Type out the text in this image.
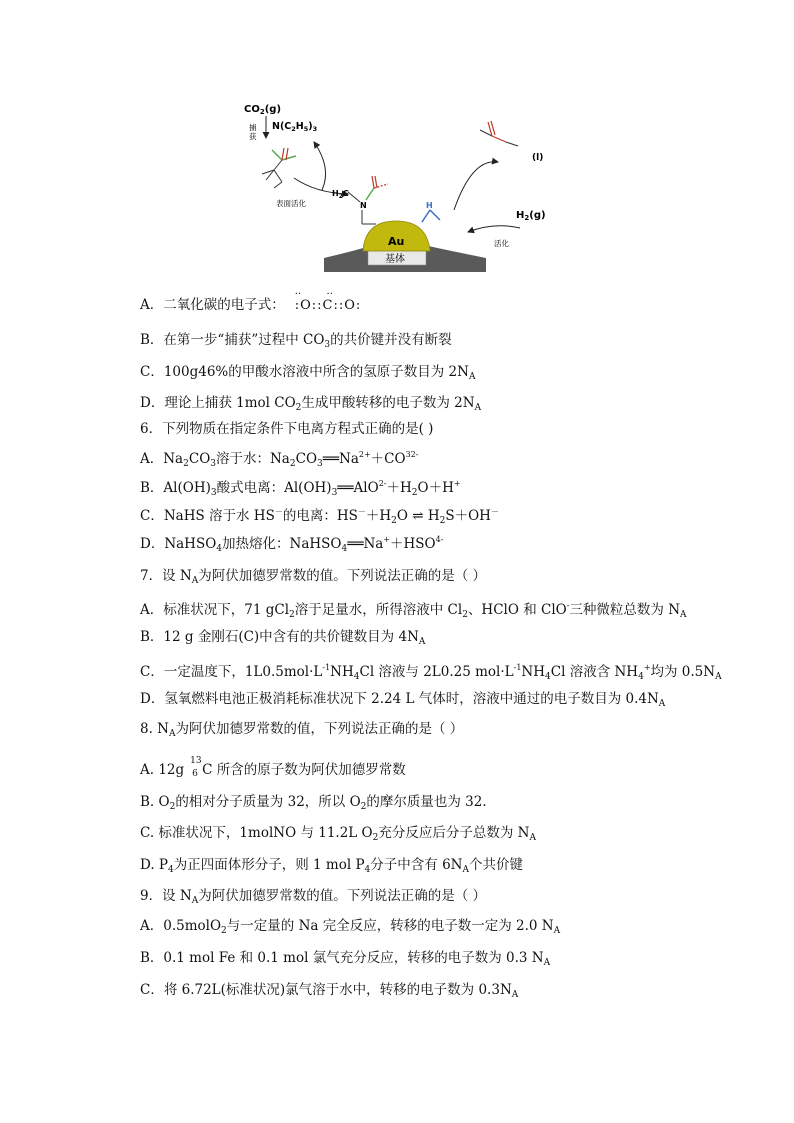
基体
Au
$CO_2(g)$
$N(C_2H_5)_3$
捕
获
表面活化
$H_2C$
N	H
(l)
$H_2(g)$
活化
A．二氧化碳的电子式：
··        ··
:O::C::O:
B．在第一步“捕获”过程中 $CO_3$的共价键并没有断裂
C．100g46%的甲酸水溶液中所含的氢原子数目为 $2N_A$
D．理论上捕获 1mol $CO_2$生成甲酸转移的电子数为 $2N_A$
6．下列物质在指定条件下电离方程式正确的是( )
A．$Na_2CO_3$溶于水：$Na_2CO_3══Na^{2+}+CO^{32-}$
B．$Al(OH)_3$酸式电离：$Al(OH)_3══AlO^{2-}+H_2O+H^+$
C．NaHS 溶于水 HS－的电离：$HS^-+H_2O$ ⇌ $H_2S+OH^-$
D．NaHSO$_4$加热熔化：$NaHSO_4══Na^++HSO^{4-}$
7．设 $N_A$为阿伏加德罗常数的值。下列说法正确的是（ ）
A．标准状况下，71 gCl$_2$溶于足量水，所得溶液中 $Cl_2$、HClO 和 ClO-三种微粒总数为 $N_A$
B．12 g 金刚石(C)中含有的共价键数目为 $4N_A$
C．一定温度下，$1L0.5mol\cdot L^{-1}NH_4Cl$ 溶液与 2L0.25 $mol\cdot L^{-1}NH_4Cl$ 溶液含 $NH_4^+$均为 $0.5N_A$
D．氢氧燃料电池正极消耗标准状况下 2.24 L 气体时，溶液中通过的电子数目为 $0.4N_A$
8. $N_A$为阿伏加德罗常数的值，下列说法正确的是（ ）
A. 12g
13
6 C 所含的原子数为阿伏加德罗常数
B. $O_2$的相对分子质量为 32，所以 $O_2$的摩尔质量也为 32.
C. 标准状况下，1molNO 与 11.2L $O_2$充分反应后分子总数为 $N_A$
D. $P_4$为正四面体形分子，则 1 mol $P_4$分子中含有 $6N_A$个共价键
9．设 $N_A$为阿伏加德罗常数的值。下列说法正确的是（ ）
A．0.5molO$_2$与一定量的 Na 完全反应，转移的电子数一定为 2.0 $N_A$
B．0.1 mol Fe 和 0.1 mol 氯气充分反应，转移的电子数为 0.3 $N_A$
C．将 6.72L(标准状况)氯气溶于水中，转移的电子数为 $0.3N_A$
